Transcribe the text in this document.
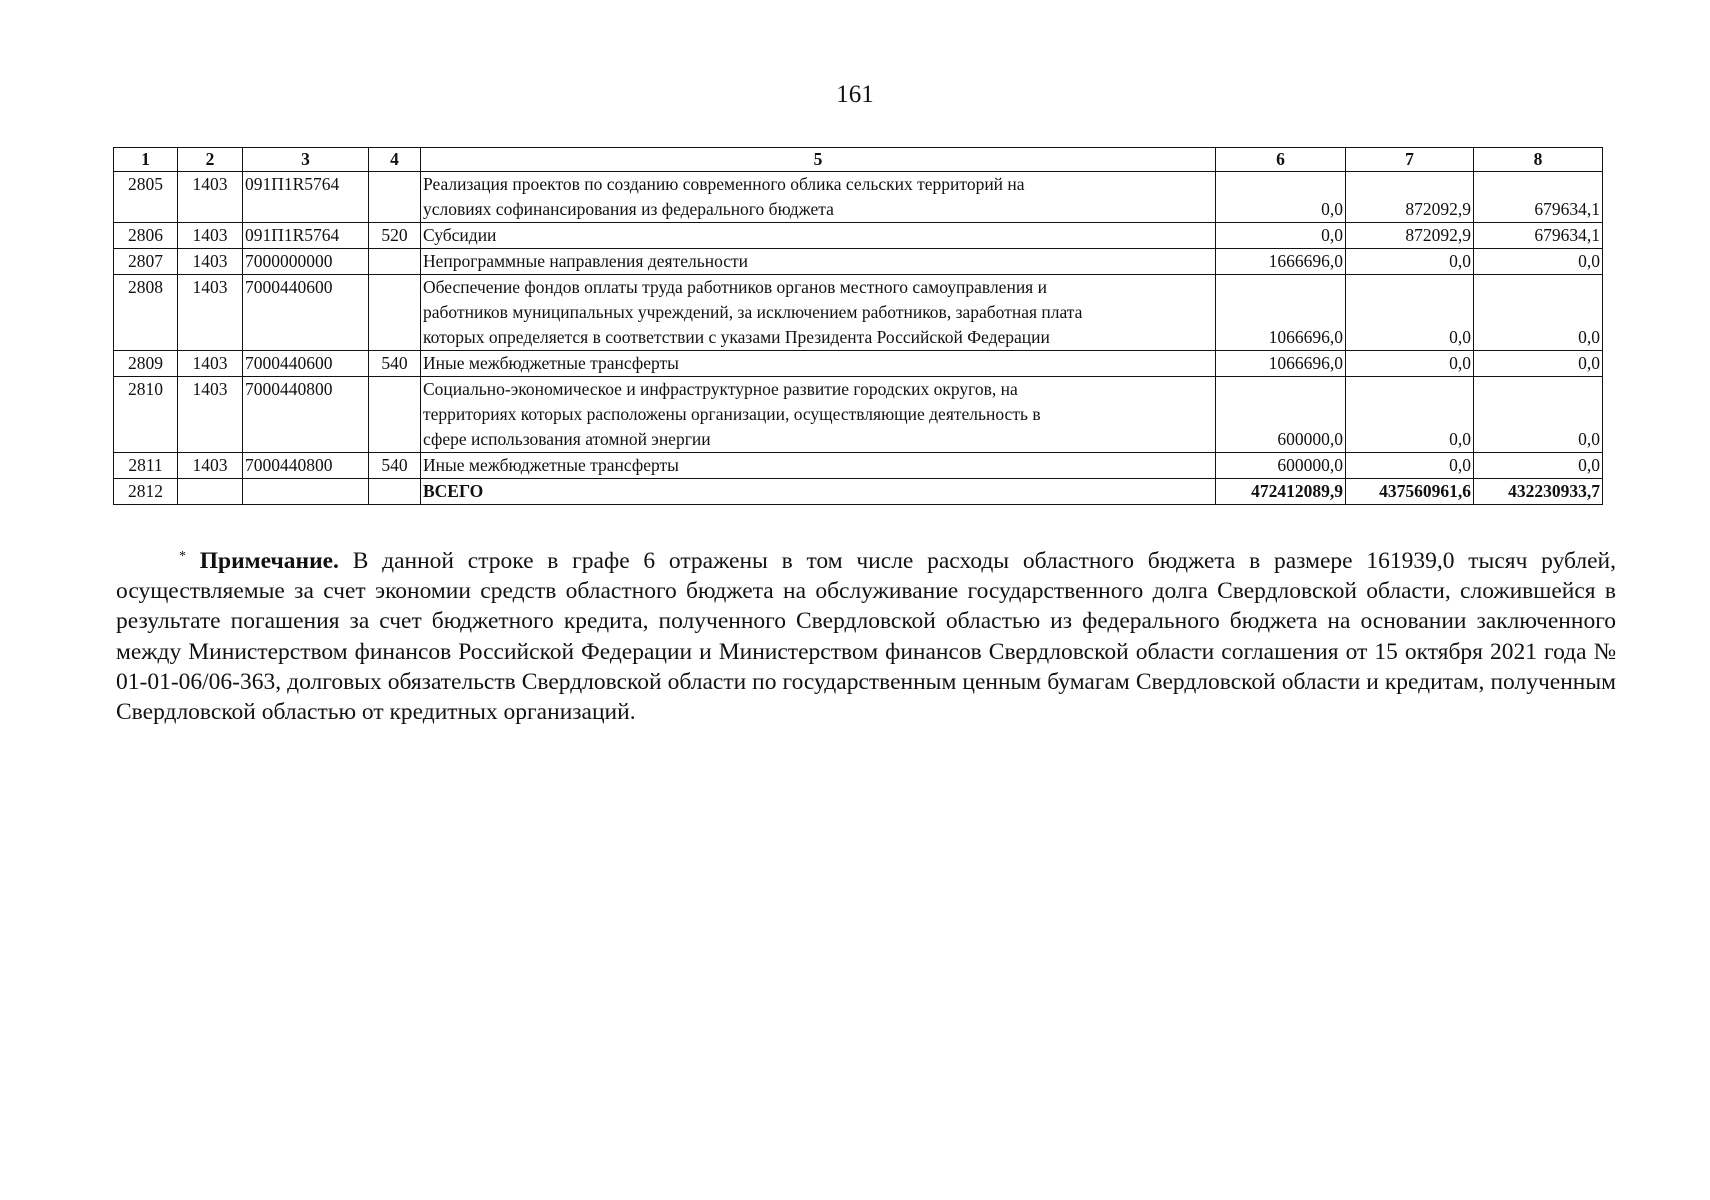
161
1	2	3	4	5	6	7	8
2805	1403	091П1R5764		Реализация проектов по созданию современного облика сельских территорий на
условиях софинансирования из федерального бюджета	0,0	872092,9	679634,1
2806	1403	091П1R5764	520	Субсидии	0,0	872092,9	679634,1
2807	1403	7000000000		Непрограммные направления деятельности	1666696,0	0,0	0,0
2808	1403	7000440600		Обеспечение фондов оплаты труда работников органов местного самоуправления и
работников муниципальных учреждений, за исключением работников, заработная плата
которых определяется в соответствии с указами Президента Российской Федерации	1066696,0	0,0	0,0
2809	1403	7000440600	540	Иные межбюджетные трансферты	1066696,0	0,0	0,0
2810	1403	7000440800		Социально-экономическое и инфраструктурное развитие городских округов, на
территориях которых расположены организации, осуществляющие деятельность в
сфере использования атомной энергии	600000,0	0,0	0,0
2811	1403	7000440800	540	Иные межбюджетные трансферты	600000,0	0,0	0,0
2812				ВСЕГО	472412089,9	437560961,6	432230933,7

* Примечание. В данной строке в графе 6 отражены в том числе расходы областного бюджета в размере 161939,0 тысяч рублей, осуществляемые за счет экономии средств областного бюджета на обслуживание государственного долга Свердловской области, сложившейся в результате погашения за счет бюджетного кредита, полученного Свердловской областью из федерального бюджета на основании заключенного между Министерством финансов Российской Федерации и Министерством финансов Свердловской области соглашения от 15 октября 2021 года № 01-01-06/06-363, долговых обязательств Свердловской области по государственным ценным бумагам Свердловской области и кредитам, полученным Свердловской областью от кредитных организаций.
